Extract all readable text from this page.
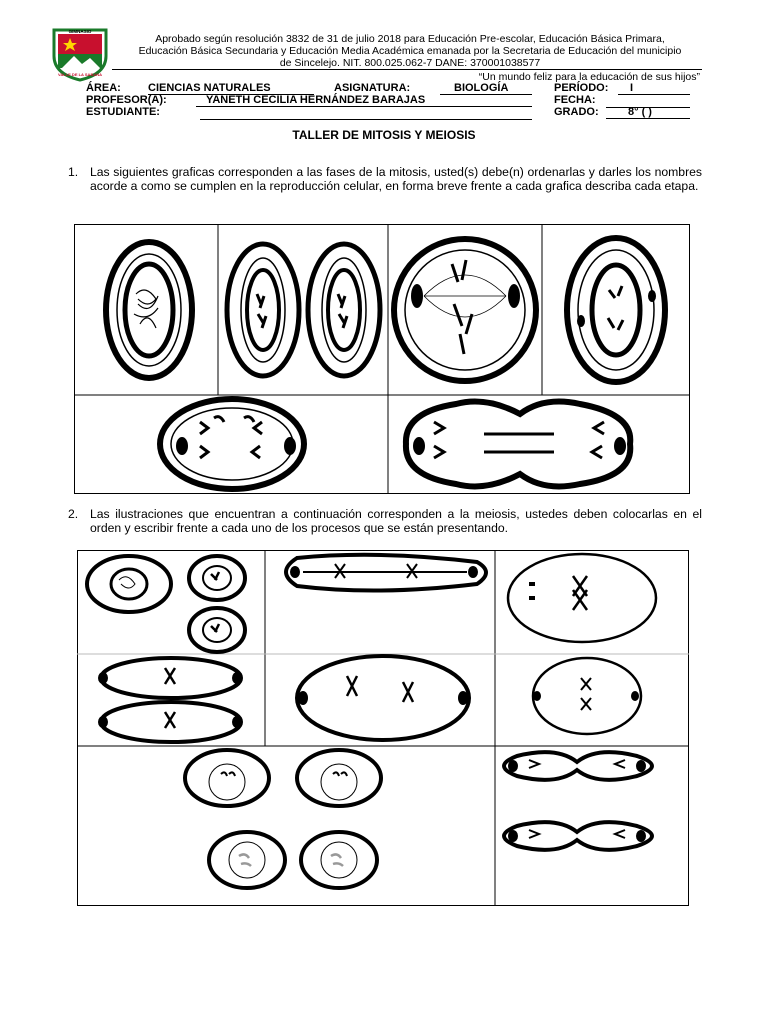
GIMNASIO
VALLE DE LA SABANA
Aprobado según resolución 3832 de 31 de julio 2018 para Educación Pre-escolar, Educación Básica Primara,
Educación Básica Secundaria y Educación Media Académica emanada por la Secretaria de Educación del municipio
de Sincelejo. NIT. 800.025.062-7 DANE: 370001038577
“Un mundo feliz para la educación de sus hijos”
ÁREA: CIENCIAS NATURALES	ASIGNATURA:	BIOLOGÍA	PERÍODO:	I
PROFESOR(A):	YANETH CECILIA HERNÁNDEZ BARAJAS	FECHA:
ESTUDIANTE:	GRADO:	8° ( )
TALLER DE MITOSIS Y MEIOSIS
1. Las siguientes graficas corresponden a las fases de la mitosis, usted(s) debe(n) ordenarlas y darles los nombres acorde a como se cumplen en la reproducción celular, en forma breve frente a cada grafica describa cada etapa.
2. Las ilustraciones que encuentran a continuación corresponden a la meiosis, ustedes deben colocarlas en el orden y escribir frente a cada uno de los procesos que se están presentando.
